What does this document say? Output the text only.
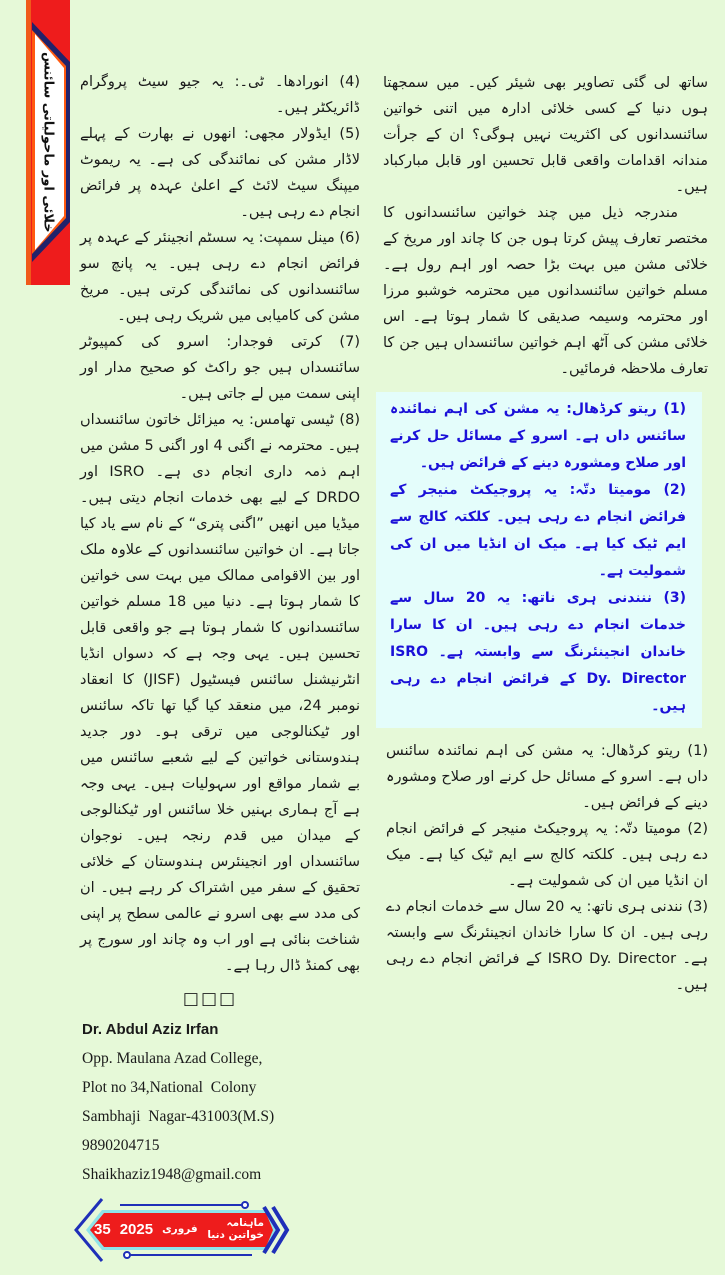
خلائی اور ماحولیاتی سائنس	ساتھ لی گئی تصاویر بھی شیئر کیں۔ میں سمجھتا ہوں دنیا کے کسی خلائی ادارہ میں اتنی خواتین سائنسدانوں کی اکثریت نہیں ہوگی؟ ان کے جرأت مندانہ اقدامات واقعی قابل تحسین اور قابل مبارکباد ہیں۔

مندرجہ ذیل میں چند خواتین سائنسدانوں کا مختصر تعارف پیش کرتا ہوں جن کا چاند اور مریخ کے خلائی مشن میں بہت بڑا حصہ اور اہم رول ہے۔ مسلم خواتین سائنسدانوں میں محترمہ خوشبو مرزا اور محترمہ وسیمہ صدیقی کا شمار ہوتا ہے۔ اس خلائی مشن کی آٹھ اہم خواتین سائنسداں ہیں جن کا تعارف ملاحظہ فرمائیں۔

(1) ریتو کرڈھال: یہ مشن کی اہم نمائندہ سائنس داں ہے۔ اسرو کے مسائل حل کرنے اور صلاح ومشورہ دینے کے فرائض ہیں۔

(2) مومیتا دتّہ: یہ پروجیکٹ منیجر کے فرائض انجام دے رہی ہیں۔ کلکتہ کالج سے ایم ٹیک کیا ہے۔ میک ان انڈیا میں ان کی شمولیت ہے۔

(3) ننندنی ہری ناتھ: یہ 20 سال سے خدمات انجام دے رہی ہیں۔ ان کا سارا خاندان انجینئرنگ سے وابستہ ہے۔ ISRO Dy. Director کے فرائض انجام دے رہی ہیں۔

(1) ریتو کرڈھال: یہ مشن کی اہم نمائندہ سائنس داں ہے۔ اسرو کے مسائل حل کرنے اور صلاح ومشورہ دینے کے فرائض ہیں۔

(2) مومیتا دتّہ: یہ پروجیکٹ منیجر کے فرائض انجام دے رہی ہیں۔ کلکتہ کالج سے ایم ٹیک کیا ہے۔ میک ان انڈیا میں ان کی شمولیت ہے۔

(3) نندنی ہری ناتھ: یہ 20 سال سے خدمات انجام دے رہی ہیں۔ ان کا سارا خاندان انجینئرنگ سے وابستہ ہے۔ ISRO Dy. Director کے فرائض انجام دے رہی ہیں۔

(4) انورادھا۔ ٹی۔: یہ جیو سیٹ پروگرام ڈائریکٹر ہیں۔

(5) ایڈولار مجھی: انھوں نے بھارت کے پہلے لاڈار مشن کی نمائندگی کی ہے۔ یہ ریموٹ میپنگ سیٹ لائٹ کے اعلیٰ عہدہ پر فرائض انجام دے رہی ہیں۔

(6) مینل سمپت: یہ سسٹم انجینئر کے عہدہ پر فرائض انجام دے رہی ہیں۔ یہ پانچ سو سائنسدانوں کی نمائندگی کرتی ہیں۔ مریخ مشن کی کامیابی میں شریک رہی ہیں۔

(7) کرتی فوجدار: اسرو کی کمپیوٹر سائنسداں ہیں جو راکٹ کو صحیح مدار اور اپنی سمت میں لے جاتی ہیں۔

(8) ٹیسی تھامس: یہ میزائل خاتون سائنسداں ہیں۔ محترمہ نے اگنی 4 اور اگنی 5 مشن میں اہم ذمہ داری انجام دی ہے۔ ISRO اور DRDO کے لیے بھی خدمات انجام دیتی ہیں۔ میڈیا میں انھیں ”اگنی پتری“ کے نام سے یاد کیا جاتا ہے۔ ان خواتین سائنسدانوں کے علاوہ ملک اور بین الاقوامی ممالک میں بہت سی خواتین کا شمار ہوتا ہے۔ دنیا میں 18 مسلم خواتین سائنسدانوں کا شمار ہوتا ہے جو واقعی قابل تحسین ہیں۔ یہی وجہ ہے کہ دسواں انڈیا انٹرنیشنل سائنس فیسٹیول (JISF) کا انعقاد نومبر 24، میں منعقد کیا گیا تھا تاکہ سائنس اور ٹیکنالوجی میں ترقی ہو۔ دور جدید ہندوستانی خواتین کے لیے شعبے سائنس میں بے شمار مواقع اور سہولیات ہیں۔ یہی وجہ ہے آج ہماری بہنیں خلا سائنس اور ٹیکنالوجی کے میدان میں قدم رنجہ ہیں۔ نوجوان سائنسداں اور انجینئرس ہندوستان کے خلائی تحقیق کے سفر میں اشتراک کر رہے ہیں۔ ان کی مدد سے بھی اسرو نے عالمی سطح پر اپنی شناخت بنائی ہے اور اب وہ چاند اور سورج پر بھی کمنڈ ڈال رہا ہے۔

□□□
Dr. Abdul Aziz Irfan
Opp. Maulana Azad College,
Plot no 34,National  Colony
Sambhaji  Nagar-431003(M.S)
9890204715
Shaikhaziz1948@gmail.com
35 2025 فروری	ماہنامہ خواتین دنیا
